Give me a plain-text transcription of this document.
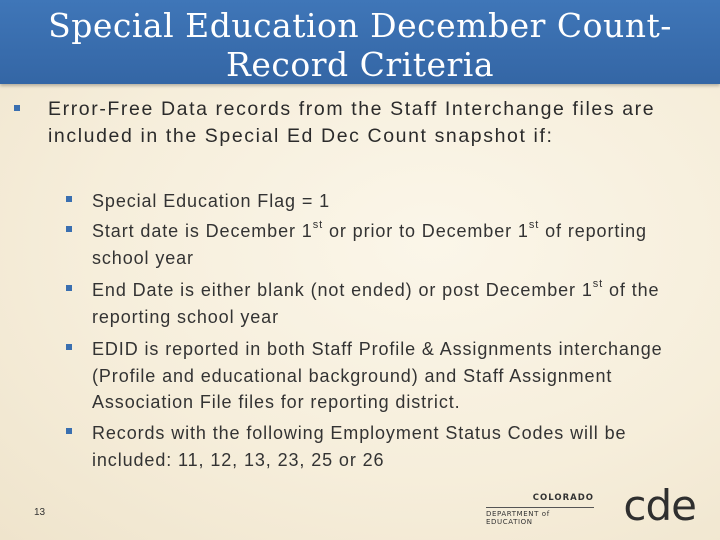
Special Education December Count-
Record Criteria
Error-Free Data records from the Staff Interchange files are included in the Special Ed Dec Count snapshot if:
Special Education Flag = 1
Start date is December 1st or prior to December 1st of reporting school year
End Date is either blank (not ended) or post December 1st of the reporting school year
EDID is reported in both Staff Profile & Assignments interchange (Profile and educational background) and Staff Assignment Association File files for reporting district.
Records with the following Employment Status Codes will be included: 11, 12, 13, 23, 25 or 26
13
COLORADO
DEPARTMENT of EDUCATION	cde
